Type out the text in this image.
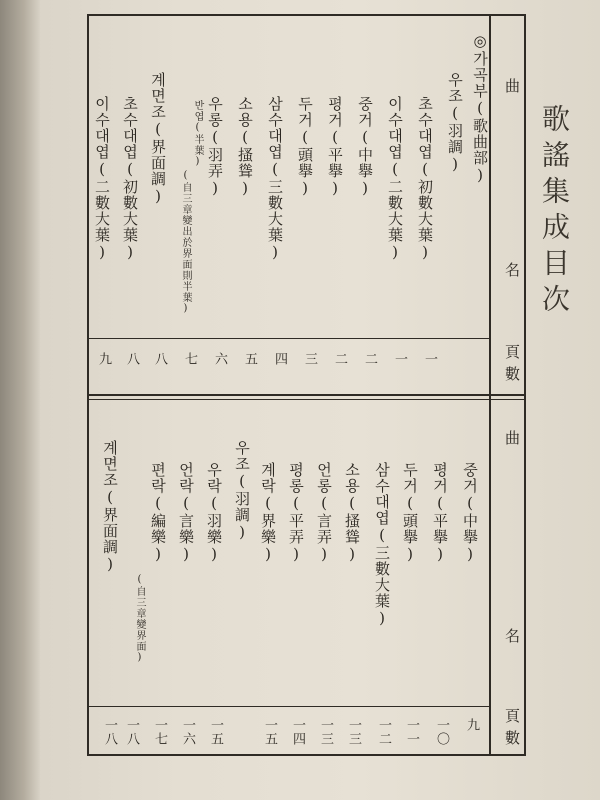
歌謠集成目次
曲
名
頁
數
曲
名
頁
數
◎가곡부(歌曲部)
우조(羽調)
초수대엽(初數大葉)
이수대엽(二數大葉)
중거(中擧)
평거(平擧)
두거(頭擧)
삼수대엽(三數大葉)
소용(搔聳)
우롱(羽弄)
반엽(半葉)
(自三章變出於界面則半葉)
계면조(界面調)
초수대엽(初數大葉)
이수대엽(二數大葉)
一
一
二
二
三
四
五
六
七
八
八
九
중거(中擧)
평거(平擧)
두거(頭擧)
삼수대엽(三數大葉)
소용(搔聳)
언롱(言弄)
평롱(平弄)
계락(界樂)
우조(羽調)
우락(羽樂)
언락(言樂)
편락(編樂)
(自三章變界面)
계면조(界面調)
九
一〇
一一
一二
一三
一三
一四
一五
一五
一六
一七
一八
一八
